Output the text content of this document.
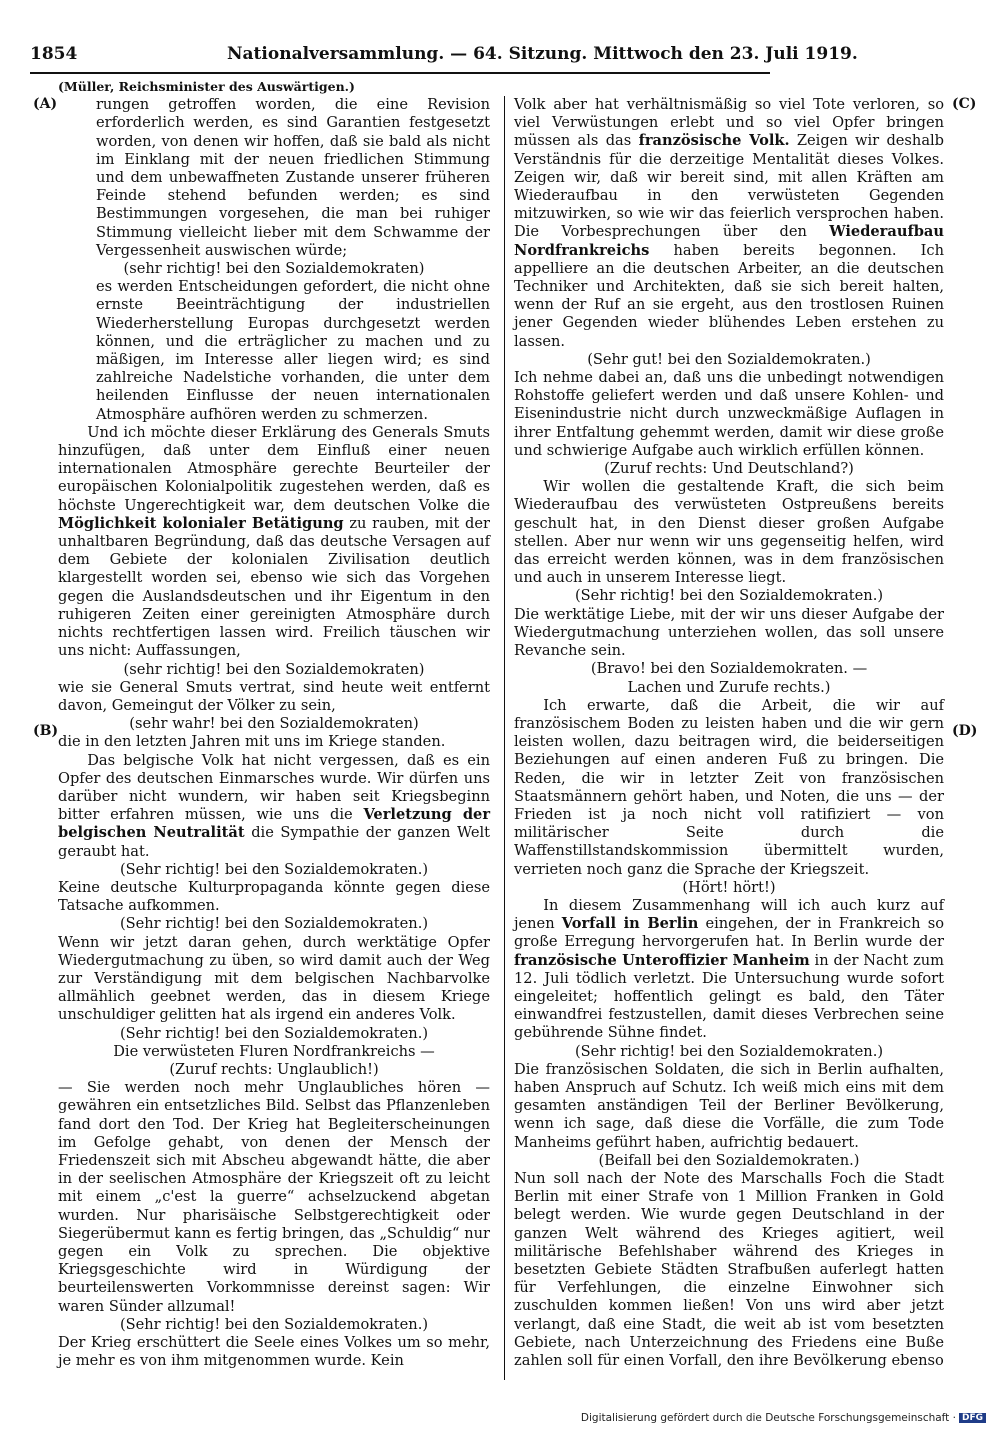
1854	Nationalversammlung. — 64. Sitzung. Mittwoch den 23. Juli 1919.
(A)
(B)
(C)
(D)

(Müller, Reichsminister des Auswärtigen.)

rungen getroffen worden, die eine Revision erforderlich werden, es sind Garantien festgesetzt worden, von denen wir hoffen, daß sie bald als nicht im Einklang mit der neuen friedlichen Stimmung und dem unbewaffneten Zustande unserer früheren Feinde stehend befunden werden; es sind Bestimmungen vorgesehen, die man bei ruhiger Stimmung vielleicht lieber mit dem Schwamme der Vergessenheit auswischen würde;

(sehr richtig! bei den Sozialdemokraten)

es werden Entscheidungen gefordert, die nicht ohne ernste Beeinträchtigung der industriellen Wiederherstellung Europas durchgesetzt werden können, und die erträglicher zu machen und zu mäßigen, im Interesse aller liegen wird; es sind zahlreiche Nadelstiche vorhanden, die unter dem heilenden Einflusse der neuen internationalen Atmosphäre aufhören werden zu schmerzen.

Und ich möchte dieser Erklärung des Generals Smuts hinzufügen, daß unter dem Einfluß einer neuen internationalen Atmosphäre gerechte Beurteiler der europäischen Kolonialpolitik zugestehen werden, daß es höchste Ungerechtigkeit war, dem deutschen Volke die Möglichkeit kolonialer Betätigung zu rauben, mit der unhaltbaren Begründung, daß das deutsche Versagen auf dem Gebiete der kolonialen Zivilisation deutlich klargestellt worden sei, ebenso wie sich das Vorgehen gegen die Auslandsdeutschen und ihr Eigentum in den ruhigeren Zeiten einer gereinigten Atmosphäre durch nichts rechtfertigen lassen wird. Freilich täuschen wir uns nicht: Auffassungen,

(sehr richtig! bei den Sozialdemokraten)

wie sie General Smuts vertrat, sind heute weit entfernt davon, Gemeingut der Völker zu sein,

(sehr wahr! bei den Sozialdemokraten)

die in den letzten Jahren mit uns im Kriege standen.

Das belgische Volk hat nicht vergessen, daß es ein Opfer des deutschen Einmarsches wurde. Wir dürfen uns darüber nicht wundern, wir haben seit Kriegsbeginn bitter erfahren müssen, wie uns die Verletzung der belgischen Neutralität die Sympathie der ganzen Welt geraubt hat.

(Sehr richtig! bei den Sozialdemokraten.)

Keine deutsche Kulturpropaganda könnte gegen diese Tatsache aufkommen.

(Sehr richtig! bei den Sozialdemokraten.)

Wenn wir jetzt daran gehen, durch werktätige Opfer Wiedergutmachung zu üben, so wird damit auch der Weg zur Verständigung mit dem belgischen Nachbarvolke allmählich geebnet werden, das in diesem Kriege unschuldiger gelitten hat als irgend ein anderes Volk.

(Sehr richtig! bei den Sozialdemokraten.)

Die verwüsteten Fluren Nordfrankreichs —

(Zuruf rechts: Unglaublich!)

— Sie werden noch mehr Unglaubliches hören — gewähren ein entsetzliches Bild. Selbst das Pflanzenleben fand dort den Tod. Der Krieg hat Begleiterscheinungen im Gefolge gehabt, von denen der Mensch der Friedenszeit sich mit Abscheu abgewandt hätte, die aber in der seelischen Atmosphäre der Kriegszeit oft zu leicht mit einem „c'est la guerre“ achselzuckend abgetan wurden. Nur pharisäische Selbstgerechtigkeit oder Siegerübermut kann es fertig bringen, das „Schuldig“ nur gegen ein Volk zu sprechen. Die objektive Kriegsgeschichte wird in Würdigung der beurteilenswerten Vorkommnisse dereinst sagen: Wir waren Sünder allzumal!

(Sehr richtig! bei den Sozialdemokraten.)

Der Krieg erschüttert die Seele eines Volkes um so mehr, je mehr es von ihm mitgenommen wurde. Kein

Volk aber hat verhältnismäßig so viel Tote verloren, so viel Verwüstungen erlebt und so viel Opfer bringen müssen als das französische Volk. Zeigen wir deshalb Verständnis für die derzeitige Mentalität dieses Volkes. Zeigen wir, daß wir bereit sind, mit allen Kräften am Wiederaufbau in den verwüsteten Gegenden mitzuwirken, so wie wir das feierlich versprochen haben. Die Vorbesprechungen über den Wiederaufbau Nordfrankreichs haben bereits begonnen. Ich appelliere an die deutschen Arbeiter, an die deutschen Techniker und Architekten, daß sie sich bereit halten, wenn der Ruf an sie ergeht, aus den trostlosen Ruinen jener Gegenden wieder blühendes Leben erstehen zu lassen.

(Sehr gut! bei den Sozialdemokraten.)

Ich nehme dabei an, daß uns die unbedingt notwendigen Rohstoffe geliefert werden und daß unsere Kohlen- und Eisenindustrie nicht durch unzweckmäßige Auflagen in ihrer Entfaltung gehemmt werden, damit wir diese große und schwierige Aufgabe auch wirklich erfüllen können.

(Zuruf rechts: Und Deutschland?)

Wir wollen die gestaltende Kraft, die sich beim Wiederaufbau des verwüsteten Ostpreußens bereits geschult hat, in den Dienst dieser großen Aufgabe stellen. Aber nur wenn wir uns gegenseitig helfen, wird das erreicht werden können, was in dem französischen und auch in unserem Interesse liegt.

(Sehr richtig! bei den Sozialdemokraten.)

Die werktätige Liebe, mit der wir uns dieser Aufgabe der Wiedergutmachung unterziehen wollen, das soll unsere Revanche sein.

(Bravo! bei den Sozialdemokraten. —

Lachen und Zurufe rechts.)

Ich erwarte, daß die Arbeit, die wir auf französischem Boden zu leisten haben und die wir gern leisten wollen, dazu beitragen wird, die beiderseitigen Beziehungen auf einen anderen Fuß zu bringen. Die Reden, die wir in letzter Zeit von französischen Staatsmännern gehört haben, und Noten, die uns — der Frieden ist ja noch nicht voll ratifiziert — von militärischer Seite durch die Waffenstillstandskommission übermittelt wurden, verrieten noch ganz die Sprache der Kriegszeit.

(Hört! hört!)

In diesem Zusammenhang will ich auch kurz auf jenen Vorfall in Berlin eingehen, der in Frankreich so große Erregung hervorgerufen hat. In Berlin wurde der französische Unteroffizier Manheim in der Nacht zum 12. Juli tödlich verletzt. Die Untersuchung wurde sofort eingeleitet; hoffentlich gelingt es bald, den Täter einwandfrei festzustellen, damit dieses Verbrechen seine gebührende Sühne findet.

(Sehr richtig! bei den Sozialdemokraten.)

Die französischen Soldaten, die sich in Berlin aufhalten, haben Anspruch auf Schutz. Ich weiß mich eins mit dem gesamten anständigen Teil der Berliner Bevölkerung, wenn ich sage, daß diese die Vorfälle, die zum Tode Manheims geführt haben, aufrichtig bedauert.

(Beifall bei den Sozialdemokraten.)

Nun soll nach der Note des Marschalls Foch die Stadt Berlin mit einer Strafe von 1 Million Franken in Gold belegt werden. Wie wurde gegen Deutschland in der ganzen Welt während des Krieges agitiert, weil militärische Befehlshaber während des Krieges in besetzten Gebiete Städten Strafbußen auferlegt hatten für Verfehlungen, die einzelne Einwohner sich zuschulden kommen ließen! Von uns wird aber jetzt verlangt, daß eine Stadt, die weit ab ist vom besetzten Gebiete, nach Unterzeichnung des Friedens eine Buße zahlen soll für einen Vorfall, den ihre Bevölkerung ebenso

Digitalisierung gefördert durch die Deutsche Forschungsgemeinschaft · DFG
